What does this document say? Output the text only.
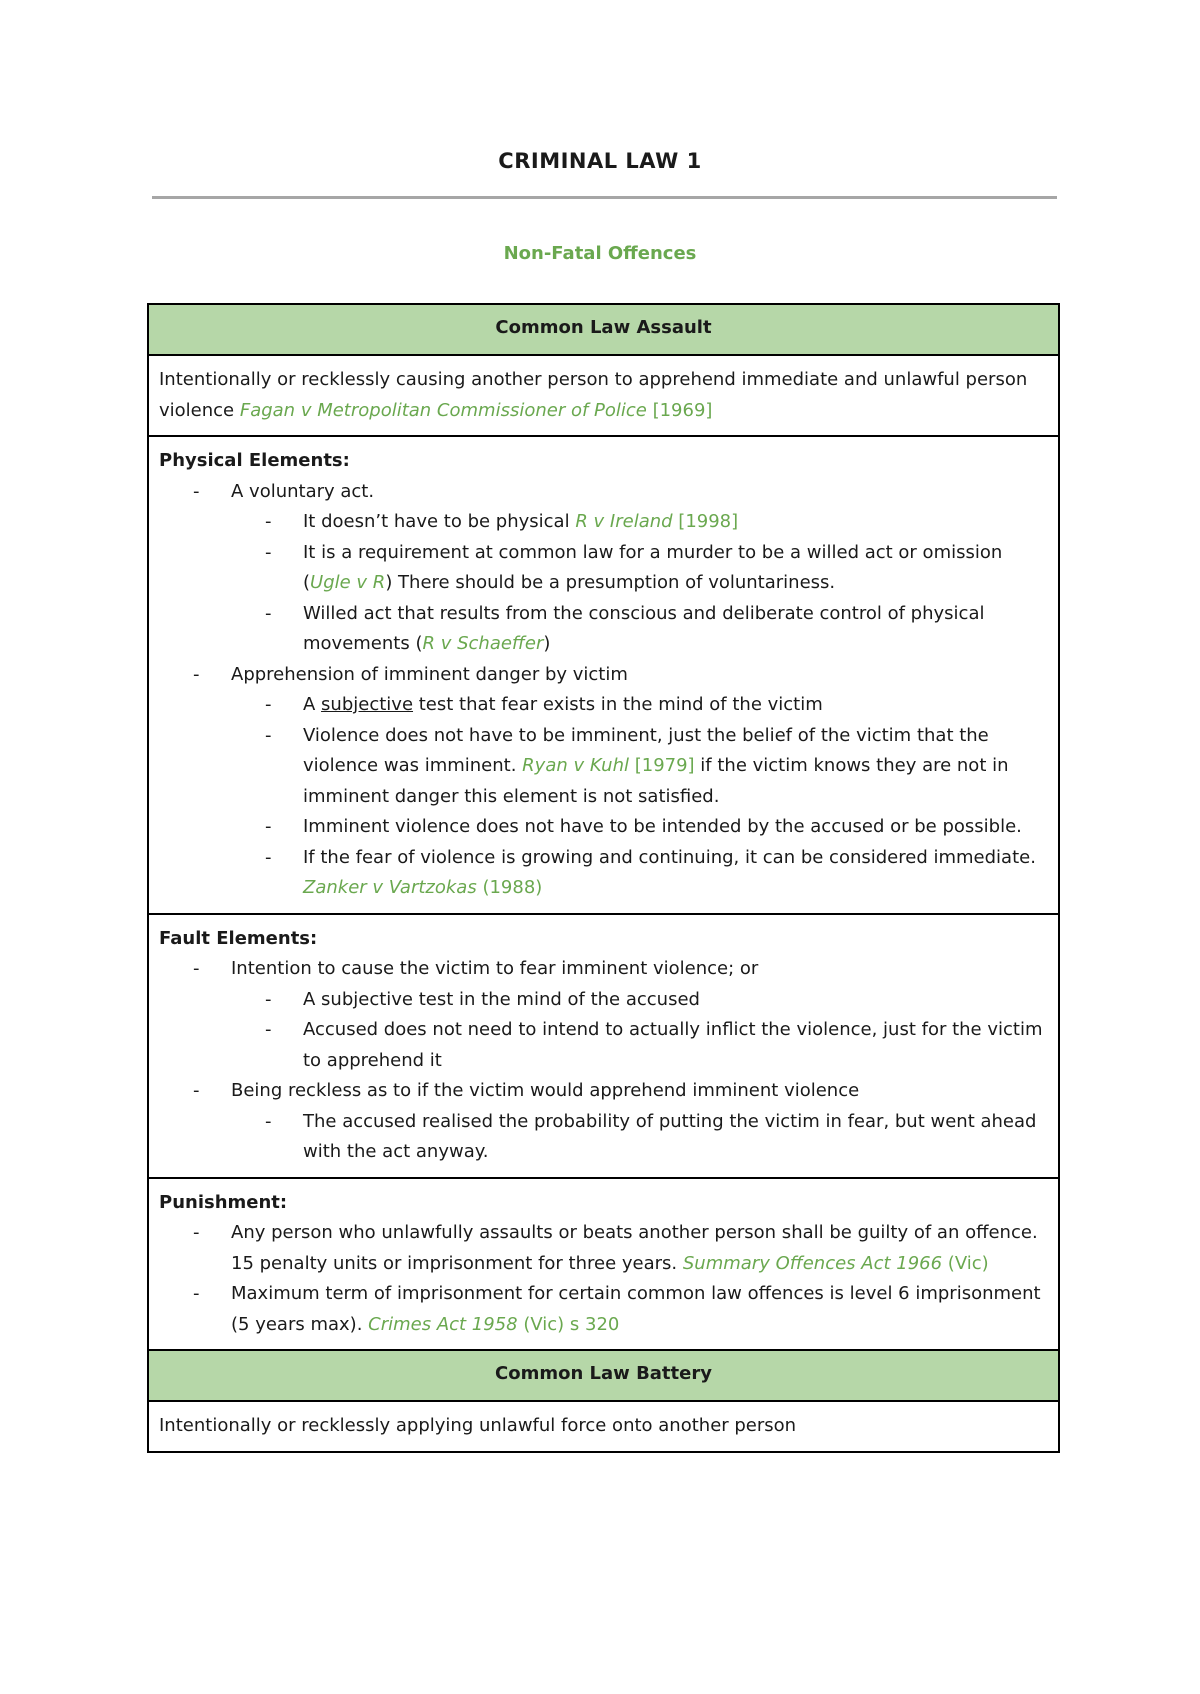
CRIMINAL LAW 1
Non-Fatal Offences
Common Law Assault
Intentionally or recklessly causing another person to apprehend immediate and unlawful person violence Fagan v Metropolitan Commissioner of Police [1969]

Physical Elements:
- A voluntary act.
- It doesn’t have to be physical R v Ireland [1998]
- It is a requirement at common law for a murder to be a willed act or omission (Ugle v R) There should be a presumption of voluntariness.
- Willed act that results from the conscious and deliberate control of physical movements (R v Schaeffer)
- Apprehension of imminent danger by victim
- A subjective test that fear exists in the mind of the victim
- Violence does not have to be imminent, just the belief of the victim that the violence was imminent. Ryan v Kuhl [1979] if the victim knows they are not in imminent danger this element is not satisfied.
- Imminent violence does not have to be intended by the accused or be possible.
- If the fear of violence is growing and continuing, it can be considered immediate. Zanker v Vartzokas (1988)

Fault Elements:
- Intention to cause the victim to fear imminent violence; or
- A subjective test in the mind of the accused
- Accused does not need to intend to actually inflict the violence, just for the victim to apprehend it
- Being reckless as to if the victim would apprehend imminent violence
- The accused realised the probability of putting the victim in fear, but went ahead with the act anyway.

Punishment:
- Any person who unlawfully assaults or beats another person shall be guilty of an offence. 15 penalty units or imprisonment for three years. Summary Offences Act 1966 (Vic)
- Maximum term of imprisonment for certain common law offences is level 6 imprisonment (5 years max). Crimes Act 1958 (Vic) s 320

Common Law Battery
Intentionally or recklessly applying unlawful force onto another person
